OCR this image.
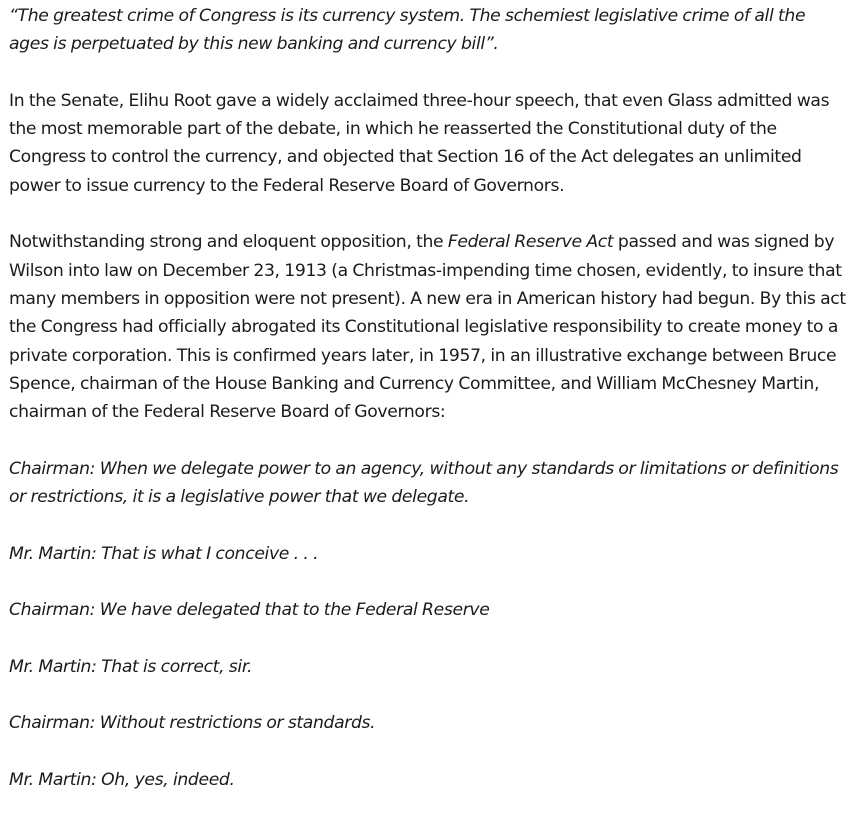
“The greatest crime of Congress is its currency system. The schemiest legislative crime of all the ages is perpetuated by this new banking and currency bill”.

In the Senate, Elihu Root gave a widely acclaimed three-hour speech, that even Glass admitted was the most memorable part of the debate, in which he reasserted the Constitutional duty of the Congress to control the currency, and objected that Section 16 of the Act delegates an unlimited power to issue currency to the Federal Reserve Board of Governors.

Notwithstanding strong and eloquent opposition, the Federal Reserve Act passed and was signed by Wilson into law on December 23, 1913 (a Christmas-impending time chosen, evidently, to insure that many members in opposition were not present). A new era in American history had begun. By this act the Congress had officially abrogated its Constitutional legislative responsibility to create money to a private corporation. This is confirmed years later, in 1957, in an illustrative exchange between Bruce Spence, chairman of the House Banking and Currency Committee, and William McChesney Martin, chairman of the Federal Reserve Board of Governors:

Chairman: When we delegate power to an agency, without any standards or limitations or definitions or restrictions, it is a legislative power that we delegate.

Mr. Martin: That is what I conceive . . .

Chairman: We have delegated that to the Federal Reserve

Mr. Martin: That is correct, sir.

Chairman: Without restrictions or standards.

Mr. Martin: Oh, yes, indeed.
